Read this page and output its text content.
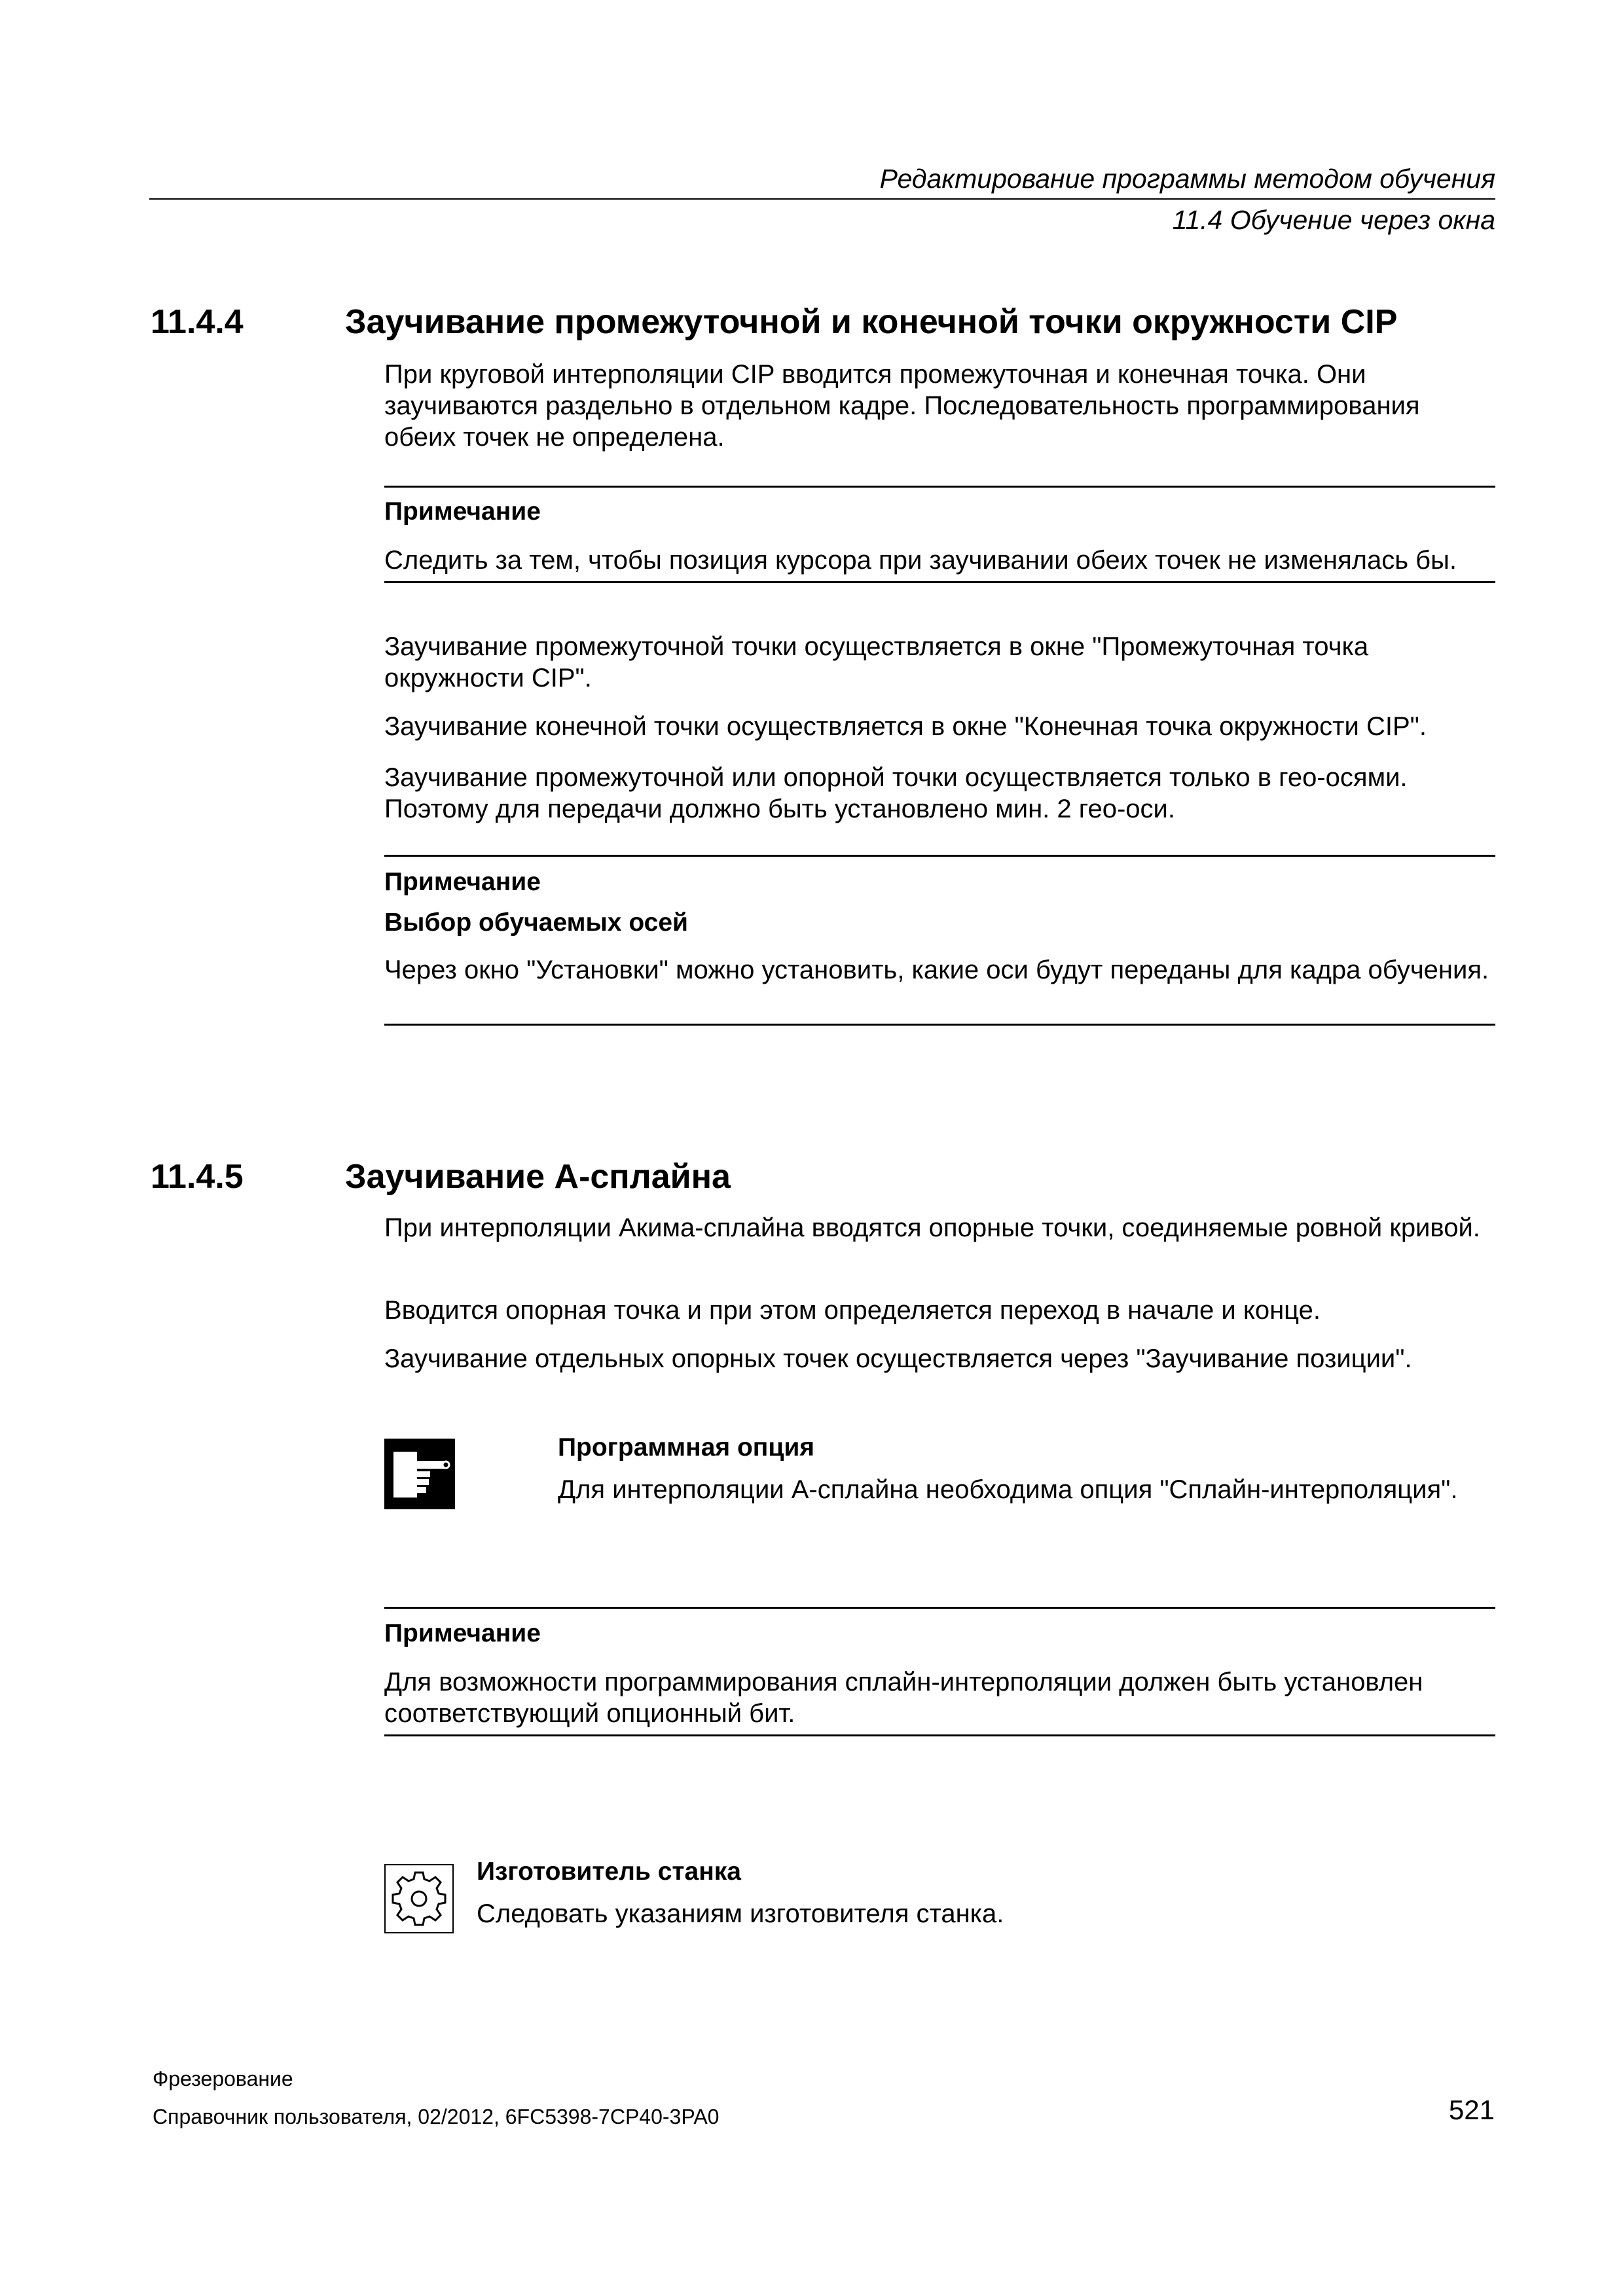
Редактирование программы методом обучения
11.4 Обучение через окна
11.4.4	Заучивание промежуточной и конечной точки окружности CIP
При круговой интерполяции CIP вводится промежуточная и конечная точка. Они заучиваются раздельно в отдельном кадре. Последовательность программирования обеих точек не определена.
Примечание
Следить за тем, чтобы позиция курсора при заучивании обеих точек не изменялась бы.
Заучивание промежуточной точки осуществляется в окне "Промежуточная точка окружности CIP".
Заучивание конечной точки осуществляется в окне "Конечная точка окружности CIP".
Заучивание промежуточной или опорной точки осуществляется только в гео-осями. Поэтому для передачи должно быть установлено мин. 2 гео-оси.
Примечание
Выбор обучаемых осей
Через окно "Установки" можно установить, какие оси будут переданы для кадра обучения.
11.4.5	Заучивание A-сплайна
При интерполяции Акима-сплайна вводятся опорные точки, соединяемые ровной кривой.
Вводится опорная точка и при этом определяется переход в начале и конце.
Заучивание отдельных опорных точек осуществляется через "Заучивание позиции".
Программная опция
Для интерполяции A-сплайна необходима опция "Сплайн-интерполяция".
Примечание
Для возможности программирования сплайн-интерполяции должен быть установлен соответствующий опционный бит.
Изготовитель станка
Следовать указаниям изготовителя станка.
Фрезерование
Справочник пользователя, 02/2012, 6FC5398-7CP40-3PA0	521
